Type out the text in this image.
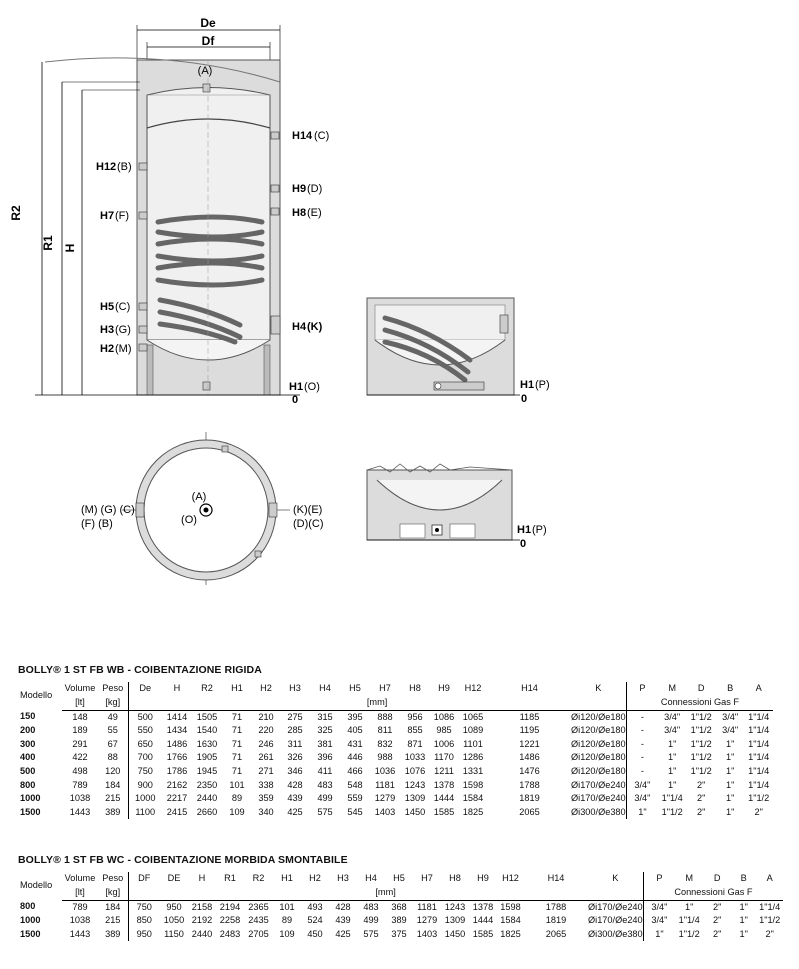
De
Df
R2
R1 H
(A)
H14 (C)
H12 (B)
H9 (D)
H7 (F)	H8 (E)
H5 (C)
H3 (G)	H4 (K)
H2 (M)
H1 (O)
0
H1 (P)
0
(A)
(O)
(M) (G) (C)
(F) (B)
(K)(E)
(D)(C)	H1 (P)
0
BOLLY® 1 ST FB WB - COIBENTAZIONE RIGIDA
Modello	Volume	Peso	De	H	R2	H1	H2	H3	H4	H5	H7	H8	H9	H12	H14	K	P	M	D	B	A
	[lt]	[kg]	[mm]														Connessioni Gas F				
150	148	49	500	1414	1505	71	210	275	315	395	888	956	1086	1065	1185	Øi120/Øe180	-	3/4"	1"1/2	3/4"	1"1/4
200	189	55	550	1434	1540	71	220	285	325	405	811	855	985	1089	1195	Øi120/Øe180	-	3/4"	1"1/2	3/4"	1"1/4
300	291	67	650	1486	1630	71	246	311	381	431	832	871	1006	1101	1221	Øi120/Øe180	-	1"	1"1/2	1"	1"1/4
400	422	88	700	1766	1905	71	261	326	396	446	988	1033	1170	1286	1486	Øi120/Øe180	-	1"	1"1/2	1"	1"1/4
500	498	120	750	1786	1945	71	271	346	411	466	1036	1076	1211	1331	1476	Øi120/Øe180	-	1"	1"1/2	1"	1"1/4
800	789	184	900	2162	2350	101	338	428	483	548	1181	1243	1378	1598	1788	Øi170/Øe240	3/4"	1"	2"	1"	1"1/4
1000	1038	215	1000	2217	2440	89	359	439	499	559	1279	1309	1444	1584	1819	Øi170/Øe240	3/4"	1"1/4	2"	1"	1"1/2
1500	1443	389	1100	2415	2660	109	340	425	575	545	1403	1450	1585	1825	2065	Øi300/Øe380	1"	1"1/2	2"	1"	2"
BOLLY® 1 ST FB WC - COIBENTAZIONE MORBIDA SMONTABILE
Modello	Volume	Peso	DF	DE	H	R1	R2	H1	H2	H3	H4	H5	H7	H8	H9	H12	H14	K	P	M	D	B	A
	[lt]	[kg]	[mm]																Connessioni Gas F				
800	789	184	750	950	2158	2194	2365	101	493	428	483	368	1181	1243	1378	1598	1788	Øi170/Øe240	3/4"	1"	2"	1"	1"1/4
1000	1038	215	850	1050	2192	2258	2435	89	524	439	499	389	1279	1309	1444	1584	1819	Øi170/Øe240	3/4"	1"1/4	2"	1"	1"1/2
1500	1443	389	950	1150	2440	2483	2705	109	450	425	575	375	1403	1450	1585	1825	2065	Øi300/Øe380	1"	1"1/2	2"	1"	2"
